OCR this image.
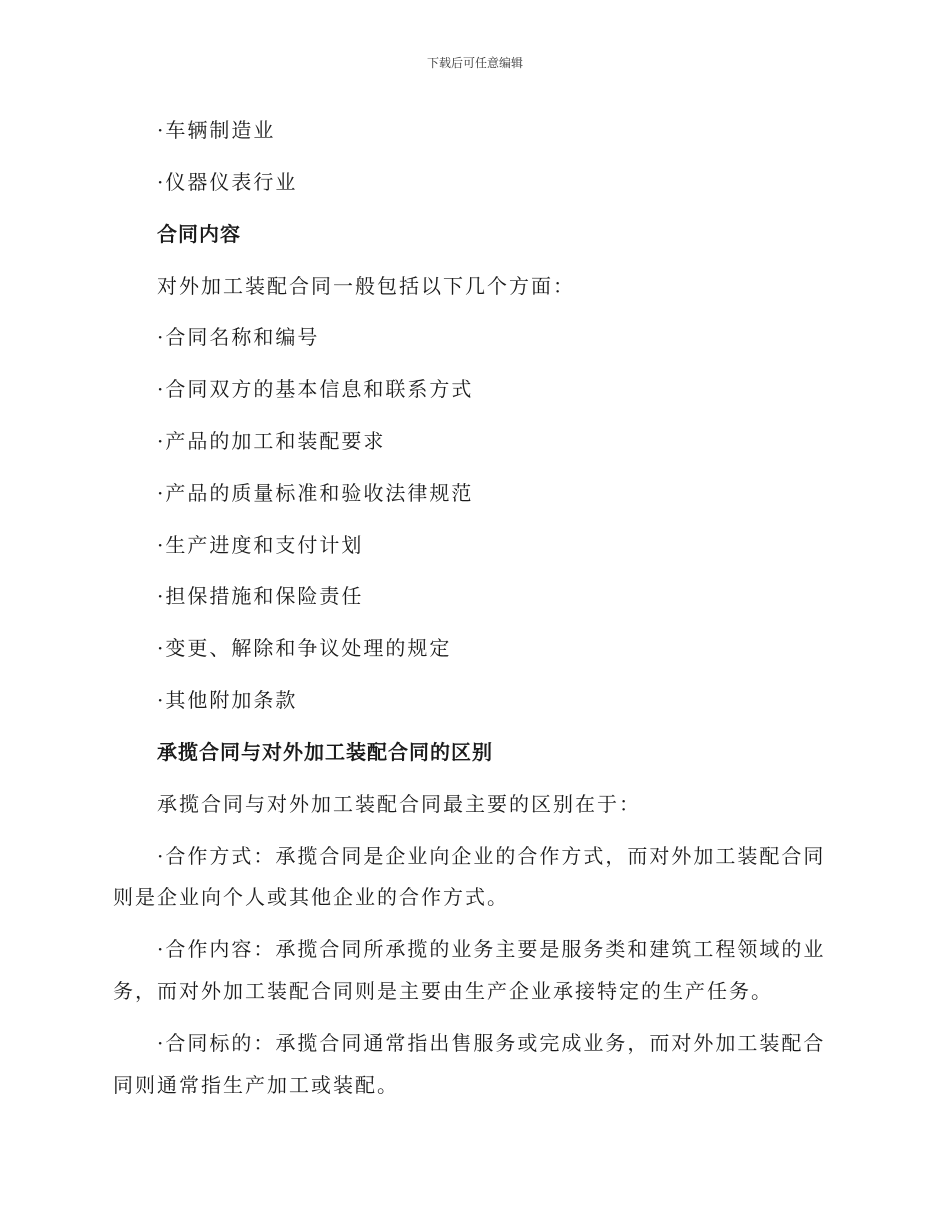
下载后可任意编辑
·车辆制造业
·仪器仪表行业
合同内容
对外加工装配合同一般包括以下几个方面：
·合同名称和编号
·合同双方的基本信息和联系方式
·产品的加工和装配要求
·产品的质量标准和验收法律规范
·生产进度和支付计划
·担保措施和保险责任
·变更、解除和争议处理的规定
·其他附加条款
承揽合同与对外加工装配合同的区别
承揽合同与对外加工装配合同最主要的区别在于：
·合作方式：承揽合同是企业向企业的合作方式，而对外加工装配合同
则是企业向个人或其他企业的合作方式。
·合作内容：承揽合同所承揽的业务主要是服务类和建筑工程领域的业
务，而对外加工装配合同则是主要由生产企业承接特定的生产任务。
·合同标的：承揽合同通常指出售服务或完成业务，而对外加工装配合
同则通常指生产加工或装配。
